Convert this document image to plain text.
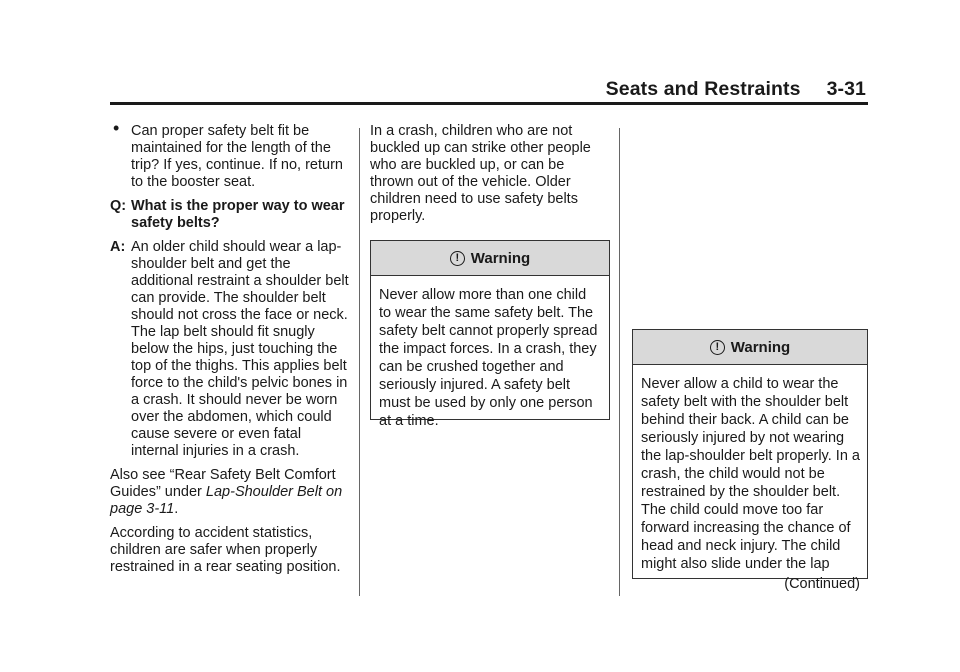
Seats and Restraints 3-31
• Can proper safety belt fit be maintained for the length of the trip? If yes, continue. If no, return to the booster seat.
Q: What is the proper way to wear safety belts?
A: An older child should wear a lap-shoulder belt and get the additional restraint a shoulder belt can provide. The shoulder belt should not cross the face or neck. The lap belt should fit snugly below the hips, just touching the top of the thighs. This applies belt force to the child's pelvic bones in a crash. It should never be worn over the abdomen, which could cause severe or even fatal internal injuries in a crash.

Also see “Rear Safety Belt Comfort Guides” under Lap-Shoulder Belt on page 3-11.

According to accident statistics, children are safer when properly restrained in a rear seating position.

In a crash, children who are not buckled up can strike other people who are buckled up, or can be thrown out of the vehicle. Older children need to use safety belts properly.

! Warning
Never allow more than one child to wear the same safety belt. The safety belt cannot properly spread the impact forces. In a crash, they can be crushed together and seriously injured. A safety belt must be used by only one person at a time.
! Warning
Never allow a child to wear the safety belt with the shoulder belt behind their back. A child can be seriously injured by not wearing the lap-shoulder belt properly. In a crash, the child would not be restrained by the shoulder belt. The child could move too far forward increasing the chance of head and neck injury. The child might also slide under the lap
(Continued)
